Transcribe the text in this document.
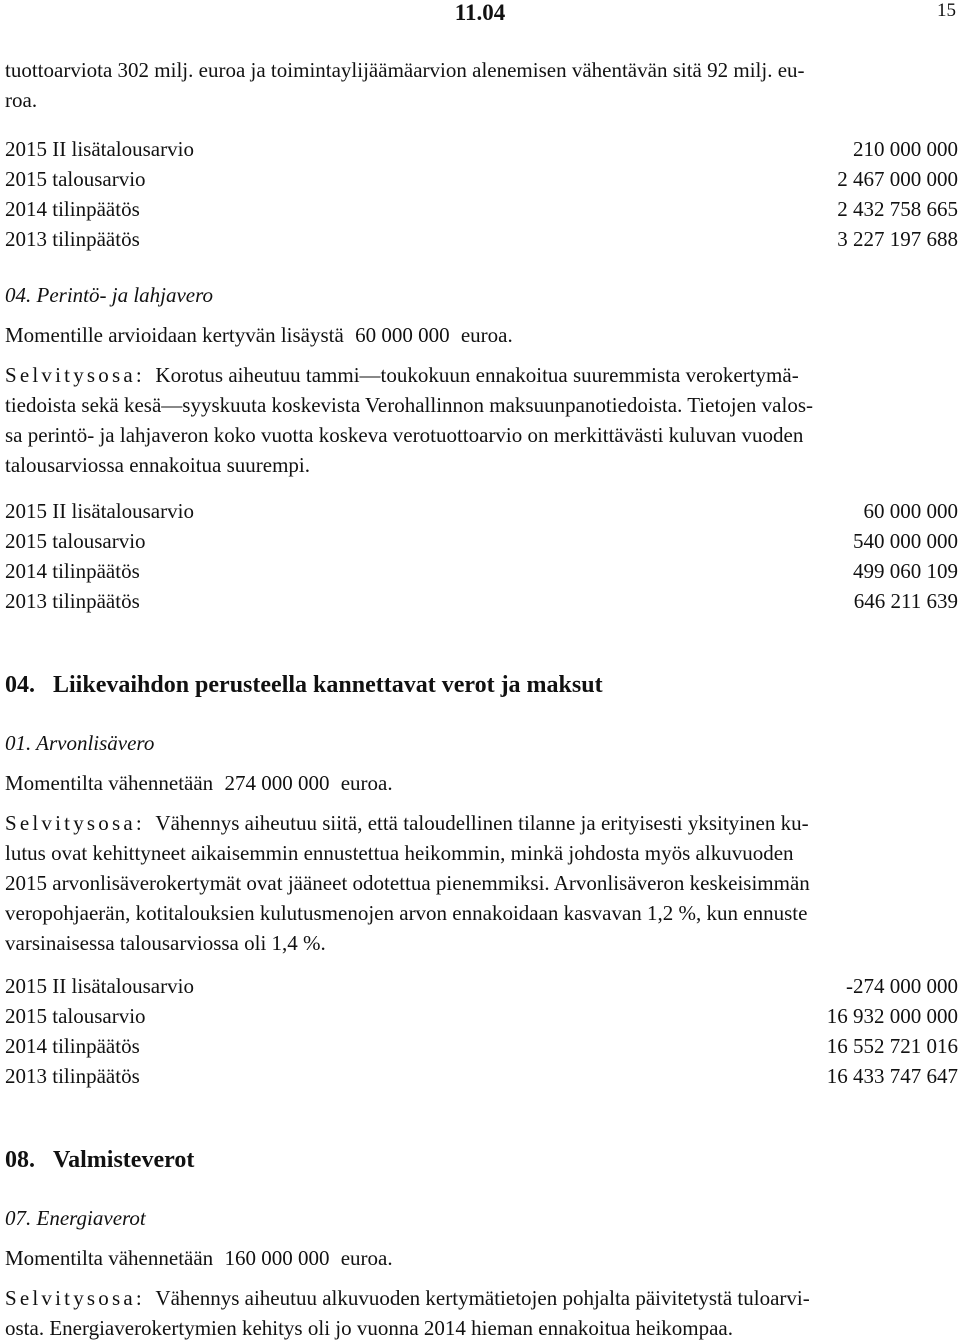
11.04	15
tuottoarviota 302 milj. euroa ja toimintaylijäämäarvion alenemisen vähentävän sitä 92 milj. eu-
roa.
2015 II lisätalousarvio	210 000 000
2015 talousarvio	2 467 000 000
2014 tilinpäätös	2 432 758 665
2013 tilinpäätös	3 227 197 688
04. Perintö- ja lahjavero
Momentille arvioidaan kertyvän lisäystä 60 000 000 euroa.
Selvitysosa: Korotus aiheutuu tammi—toukokuun ennakoitua suuremmista verokertymä-
tiedoista sekä kesä—syyskuuta koskevista Verohallinnon maksuunpanotiedoista. Tietojen valos-
sa perintö- ja lahjaveron koko vuotta koskeva verotuottoarvio on merkittävästi kuluvan vuoden
talousarviossa ennakoitua suurempi.
2015 II lisätalousarvio	60 000 000
2015 talousarvio	540 000 000
2014 tilinpäätös	499 060 109
2013 tilinpäätös	646 211 639
04. Liikevaihdon perusteella kannettavat verot ja maksut
01. Arvonlisävero
Momentilta vähennetään 274 000 000 euroa.
Selvitysosa: Vähennys aiheutuu siitä, että taloudellinen tilanne ja erityisesti yksityinen ku-
lutus ovat kehittyneet aikaisemmin ennustettua heikommin, minkä johdosta myös alkuvuoden
2015 arvonlisäverokertymät ovat jääneet odotettua pienemmiksi. Arvonlisäveron keskeisimmän
veropohjaerän, kotitalouksien kulutusmenojen arvon ennakoidaan kasvavan 1,2 %, kun ennuste
varsinaisessa talousarviossa oli 1,4 %.
2015 II lisätalousarvio	-274 000 000
2015 talousarvio	16 932 000 000
2014 tilinpäätös	16 552 721 016
2013 tilinpäätös	16 433 747 647
08. Valmisteverot
07. Energiaverot
Momentilta vähennetään 160 000 000 euroa.
Selvitysosa: Vähennys aiheutuu alkuvuoden kertymätietojen pohjalta päivitetystä tuloarvi-
osta. Energiaverokertymien kehitys oli jo vuonna 2014 hieman ennakoitua heikompaa.
